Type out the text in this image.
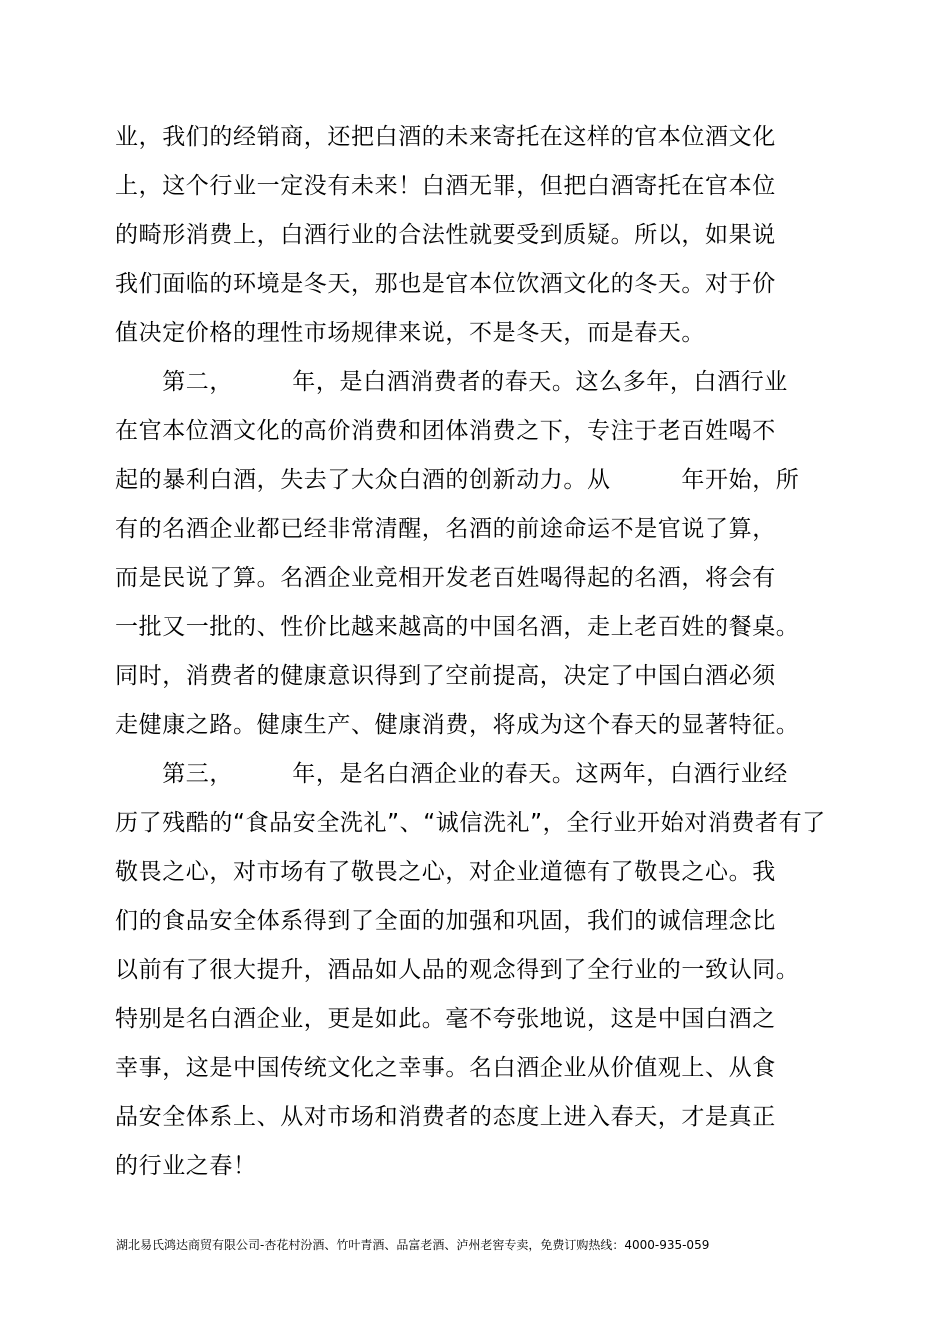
业，我们的经销商，还把白酒的未来寄托在这样的官本位酒文化
上，这个行业一定没有未来！白酒无罪，但把白酒寄托在官本位
的畸形消费上，白酒行业的合法性就要受到质疑。所以，如果说
我们面临的环境是冬天，那也是官本位饮酒文化的冬天。对于价
值决定价格的理性市场规律来说，不是冬天，而是春天。
　　第二，　　　年，是白酒消费者的春天。这么多年，白酒行业
在官本位酒文化的高价消费和团体消费之下，专注于老百姓喝不
起的暴利白酒，失去了大众白酒的创新动力。从　　　年开始，所
有的名酒企业都已经非常清醒，名酒的前途命运不是官说了算，
而是民说了算。名酒企业竞相开发老百姓喝得起的名酒，将会有
一批又一批的、性价比越来越高的中国名酒，走上老百姓的餐桌。
同时，消费者的健康意识得到了空前提高，决定了中国白酒必须
走健康之路。健康生产、健康消费，将成为这个春天的显著特征。
　　第三，　　　年，是名白酒企业的春天。这两年，白酒行业经
历了残酷的“食品安全洗礼”、“诚信洗礼”，全行业开始对消费者有了
敬畏之心，对市场有了敬畏之心，对企业道德有了敬畏之心。我
们的食品安全体系得到了全面的加强和巩固，我们的诚信理念比
以前有了很大提升，酒品如人品的观念得到了全行业的一致认同。
特别是名白酒企业，更是如此。毫不夸张地说，这是中国白酒之
幸事，这是中国传统文化之幸事。名白酒企业从价值观上、从食
品安全体系上、从对市场和消费者的态度上进入春天，才是真正
的行业之春！
湖北易氏鸿达商贸有限公司-杏花村汾酒、竹叶青酒、品富老酒、泸州老窖专卖，免费订购热线：4000-935-059
